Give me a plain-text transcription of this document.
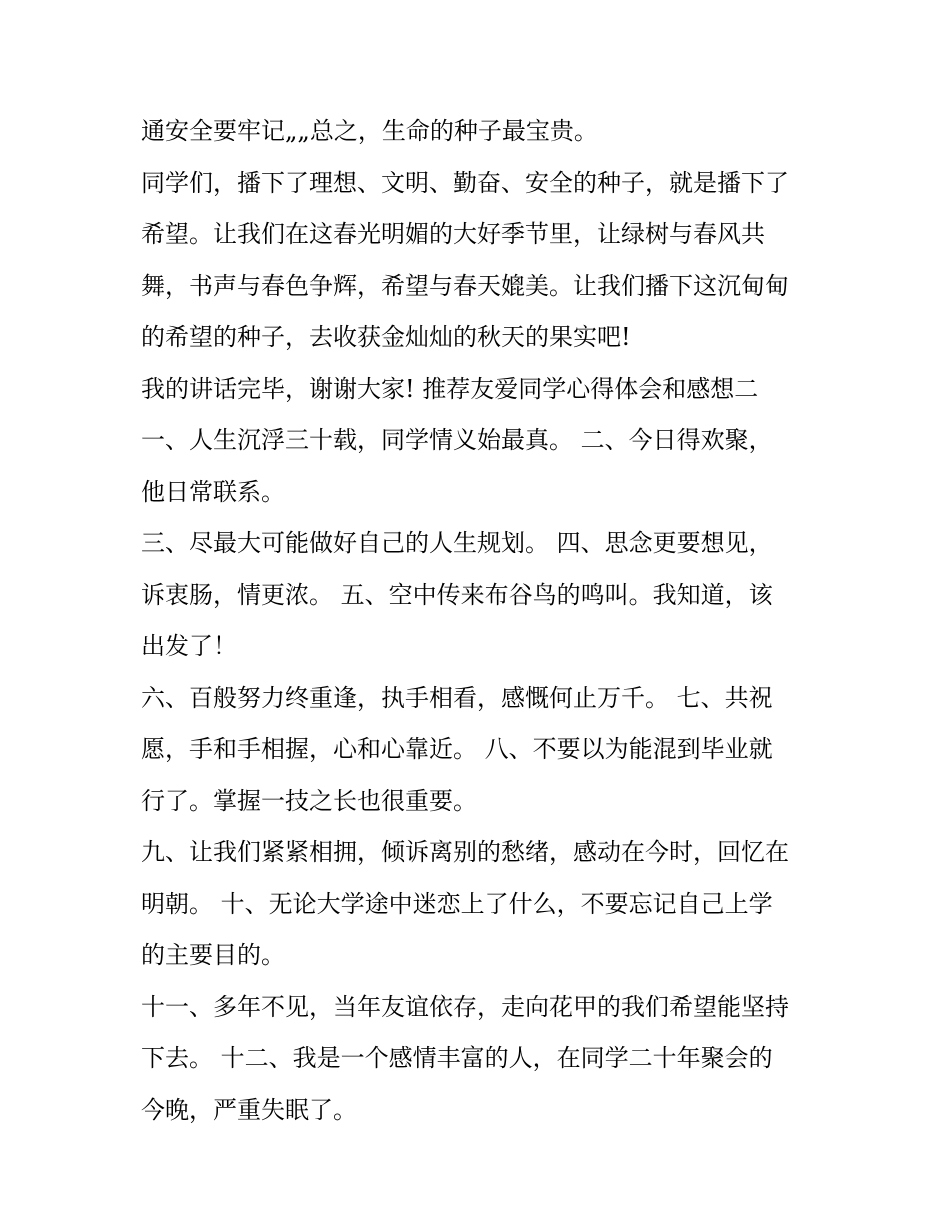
通安全要牢记„„总之，生命的种子最宝贵。
同学们，播下了理想、文明、勤奋、安全的种子，就是播下了
希望。让我们在这春光明媚的大好季节里，让绿树与春风共
舞，书声与春色争辉，希望与春天媲美。让我们播下这沉甸甸
的希望的种子，去收获金灿灿的秋天的果实吧!
我的讲话完毕，谢谢大家! 推荐友爱同学心得体会和感想二
一、人生沉浮三十载，同学情义始最真。 二、今日得欢聚，
他日常联系。
三、尽最大可能做好自己的人生规划。 四、思念更要想见，
诉衷肠，情更浓。 五、空中传来布谷鸟的鸣叫。我知道，该
出发了！
六、百般努力终重逢，执手相看，感慨何止万千。 七、共祝
愿，手和手相握，心和心靠近。 八、不要以为能混到毕业就
行了。掌握一技之长也很重要。
九、让我们紧紧相拥，倾诉离别的愁绪，感动在今时，回忆在
明朝。 十、无论大学途中迷恋上了什么，不要忘记自己上学
的主要目的。
十一、多年不见，当年友谊依存，走向花甲的我们希望能坚持
下去。 十二、我是一个感情丰富的人，在同学二十年聚会的
今晚，严重失眠了。
